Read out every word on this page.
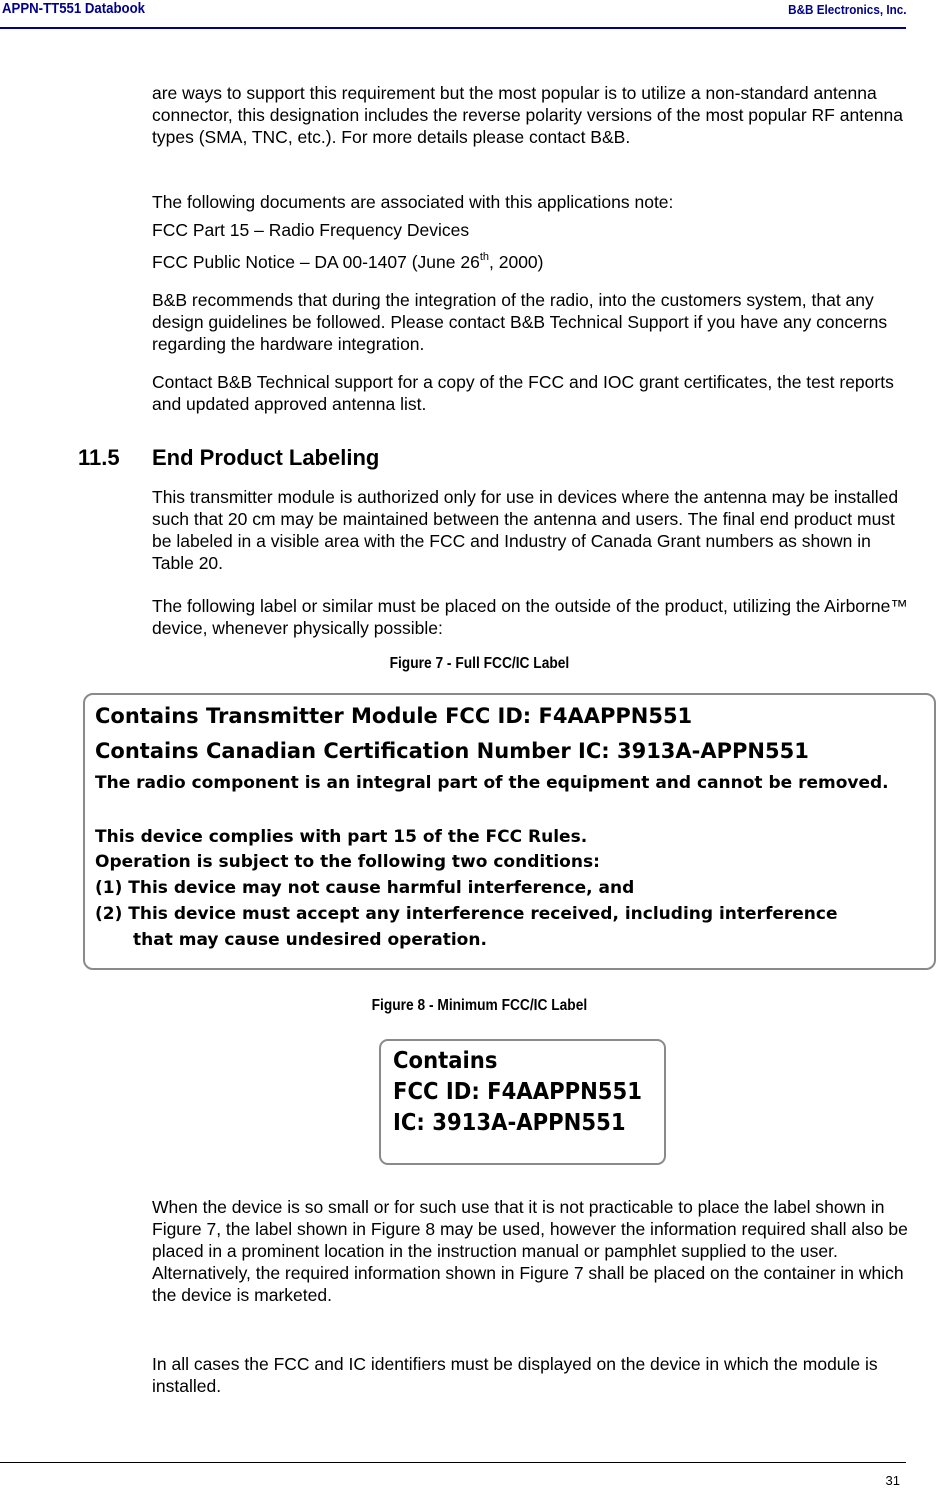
APPN-TT551 Databook	B&B Electronics, Inc.
are ways to support this requirement but the most popular is to utilize a non-standard antenna connector, this designation includes the reverse polarity versions of the most popular RF antenna types (SMA, TNC, etc.). For more details please contact B&B.
The following documents are associated with this applications note:
FCC Part 15 – Radio Frequency Devices
FCC Public Notice – DA 00-1407 (June 26th, 2000)
B&B recommends that during the integration of the radio, into the customers system, that any design guidelines be followed. Please contact B&B Technical Support if you have any concerns regarding the hardware integration.
Contact B&B Technical support for a copy of the FCC and IOC grant certificates, the test reports and updated approved antenna list.
11.5 End Product Labeling
This transmitter module is authorized only for use in devices where the antenna may be installed such that 20 cm may be maintained between the antenna and users. The final end product must be labeled in a visible area with the FCC and Industry of Canada Grant numbers as shown in Table 20.
The following label or similar must be placed on the outside of the product, utilizing the Airborne™ device, whenever physically possible:
Figure 7 - Full FCC/IC Label
Contains Transmitter Module FCC ID: F4AAPPN551
Contains Canadian Certification Number IC: 3913A-APPN551
The radio component is an integral part of the equipment and cannot be removed.
This device complies with part 15 of the FCC Rules.
Operation is subject to the following two conditions:
(1) This device may not cause harmful interference, and
(2) This device must accept any interference received, including interference
that may cause undesired operation.
Figure 8 - Minimum FCC/IC Label
Contains
FCC ID: F4AAPPN551
IC: 3913A-APPN551
When the device is so small or for such use that it is not practicable to place the label shown in Figure 7, the label shown in Figure 8 may be used, however the information required shall also be placed in a prominent location in the instruction manual or pamphlet supplied to the user. Alternatively, the required information shown in Figure 7 shall be placed on the container in which the device is marketed.
In all cases the FCC and IC identifiers must be displayed on the device in which the module is installed.
31
